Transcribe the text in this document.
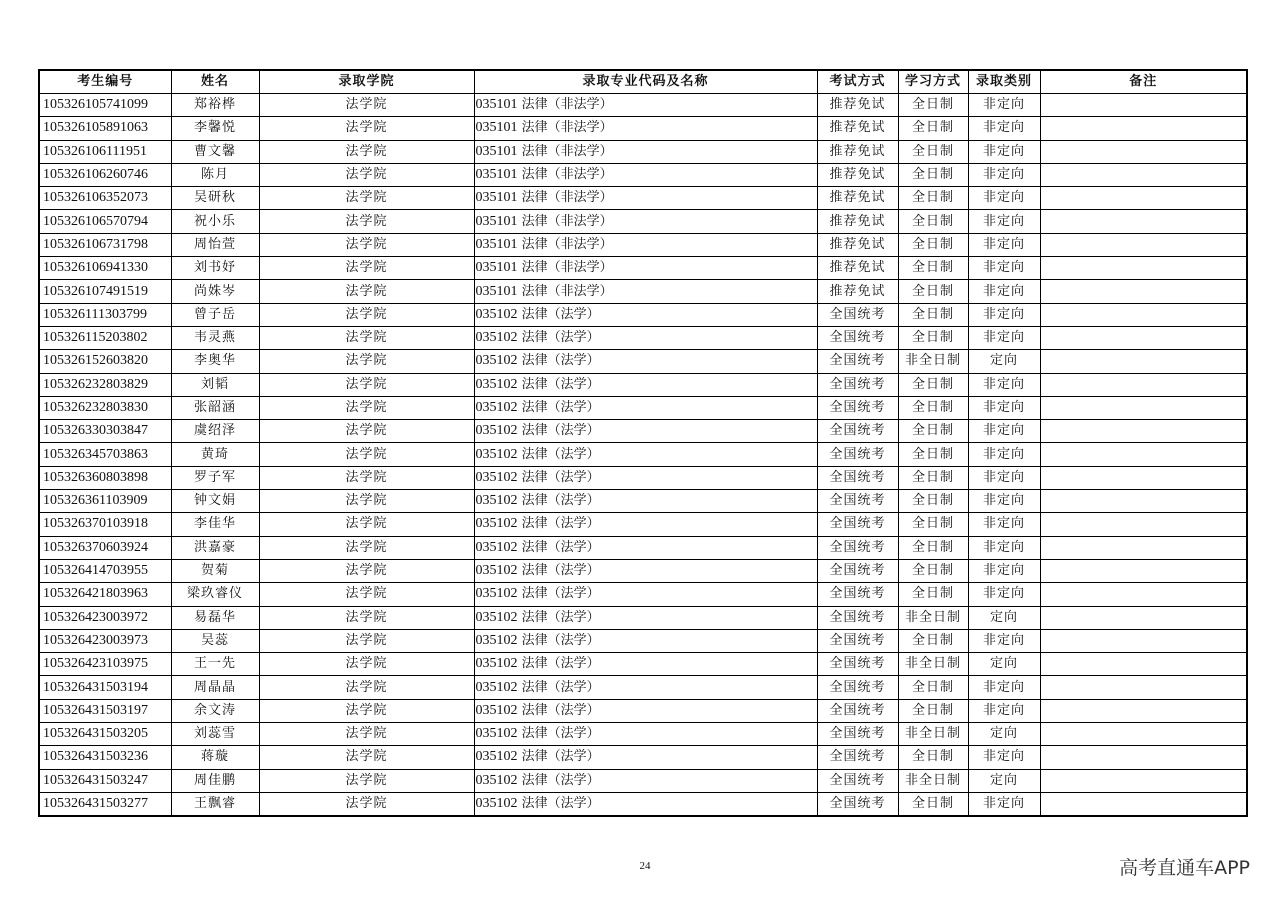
考生编号	姓名	录取学院	录取专业代码及名称	考试方式	学习方式	录取类别	备注
105326105741099	郑裕桦	法学院	035101 法律（非法学）	推荐免试	全日制	非定向	
105326105891063	李馨悦	法学院	035101 法律（非法学）	推荐免试	全日制	非定向	
105326106111951	曹文馨	法学院	035101 法律（非法学）	推荐免试	全日制	非定向	
105326106260746	陈月	法学院	035101 法律（非法学）	推荐免试	全日制	非定向	
105326106352073	吴研秋	法学院	035101 法律（非法学）	推荐免试	全日制	非定向	
105326106570794	祝小乐	法学院	035101 法律（非法学）	推荐免试	全日制	非定向	
105326106731798	周怡萱	法学院	035101 法律（非法学）	推荐免试	全日制	非定向	
105326106941330	刘书妤	法学院	035101 法律（非法学）	推荐免试	全日制	非定向	
105326107491519	尚姝岑	法学院	035101 法律（非法学）	推荐免试	全日制	非定向	
105326111303799	曾子岳	法学院	035102 法律（法学）	全国统考	全日制	非定向	
105326115203802	韦灵燕	法学院	035102 法律（法学）	全国统考	全日制	非定向	
105326152603820	李奥华	法学院	035102 法律（法学）	全国统考	非全日制	定向	
105326232803829	刘韬	法学院	035102 法律（法学）	全国统考	全日制	非定向	
105326232803830	张韶涵	法学院	035102 法律（法学）	全国统考	全日制	非定向	
105326330303847	虞绍泽	法学院	035102 法律（法学）	全国统考	全日制	非定向	
105326345703863	黄琦	法学院	035102 法律（法学）	全国统考	全日制	非定向	
105326360803898	罗子军	法学院	035102 法律（法学）	全国统考	全日制	非定向	
105326361103909	钟文娟	法学院	035102 法律（法学）	全国统考	全日制	非定向	
105326370103918	李佳华	法学院	035102 法律（法学）	全国统考	全日制	非定向	
105326370603924	洪嘉豪	法学院	035102 法律（法学）	全国统考	全日制	非定向	
105326414703955	贺菊	法学院	035102 法律（法学）	全国统考	全日制	非定向	
105326421803963	梁玖睿仪	法学院	035102 法律（法学）	全国统考	全日制	非定向	
105326423003972	易磊华	法学院	035102 法律（法学）	全国统考	非全日制	定向	
105326423003973	吴蕊	法学院	035102 法律（法学）	全国统考	全日制	非定向	
105326423103975	王一先	法学院	035102 法律（法学）	全国统考	非全日制	定向	
105326431503194	周晶晶	法学院	035102 法律（法学）	全国统考	全日制	非定向	
105326431503197	余文涛	法学院	035102 法律（法学）	全国统考	全日制	非定向	
105326431503205	刘蕊雪	法学院	035102 法律（法学）	全国统考	非全日制	定向	
105326431503236	蒋璇	法学院	035102 法律（法学）	全国统考	全日制	非定向	
105326431503247	周佳鹏	法学院	035102 法律（法学）	全国统考	非全日制	定向	
105326431503277	王飘睿	法学院	035102 法律（法学）	全国统考	全日制	非定向	
24	高考直通车APP
